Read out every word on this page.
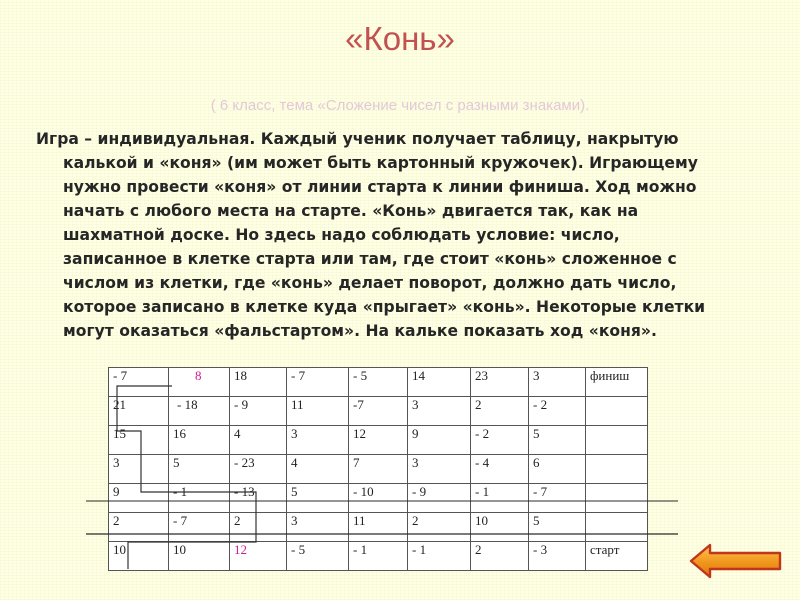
«Конь»
( 6 класс, тема «Сложение чисел с разными знаками).

Игра – индивидуальная. Каждый ученик получает таблицу, накрытую

калькой и «коня» (им может быть картонный кружочек). Играющему

нужно провести «коня» от линии старта к линии финиша. Ход можно

начать с любого места на старте. «Конь» двигается так, как на

шахматной доске. Но здесь надо соблюдать условие: число,

записанное в клетке старта или там, где стоит «конь» сложенное с

числом из клетки, где «конь» делает поворот, должно дать число,

которое записано в клетке куда «прыгает» «конь». Некоторые клетки

могут оказаться «фальстартом». На кальке показать ход «коня».

- 7	8	18	- 7	- 5	14	23	3	финиш
21	- 18	- 9	11	-7	3	2	- 2	
15	16	4	3	12	9	- 2	5	
3	5	- 23	4	7	3	- 4	6	
9	- 1	- 13	5	- 10	- 9	- 1	- 7	
2	- 7	2	3	11	2	10	5	
10	10	12	- 5	- 1	- 1	2	- 3	старт
